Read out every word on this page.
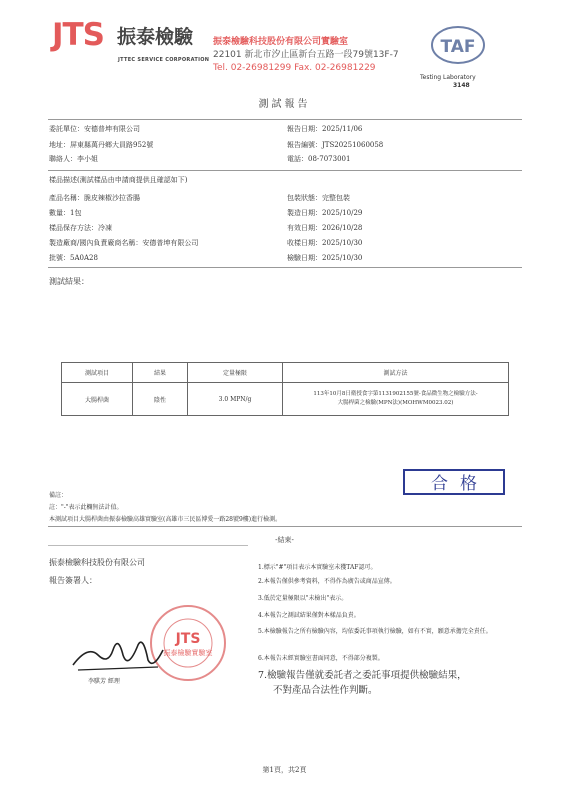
JTS 振泰檢驗
JTTEC SERVICE CORPORATION
振泰檢驗科技股份有限公司實驗室
22101 新北市汐止區新台五路一段79號13F-7
Tel. 02-26981299 Fax. 02-26981229
TAF
Testing Laboratory
3148
測試報告
委託單位：安德普坤有限公司
地址：屏東縣萬丹鄉大員路952號
聯絡人：李小姐
報告日期：2025/11/06
報告編號：JTS20251060058
電話：08-7073001
樣品描述(測試樣品由申請商提供且確認如下)
產品名稱：脆皮辣椒沙拉香腸
數量：1包
樣品保存方法：冷凍
製造廠商/國內負責廠商名稱：安德普坤有限公司
批號：5A0A28
包裝狀態：完整包裝
製造日期：2025/10/29
有效日期：2026/10/28
收樣日期：2025/10/30
檢驗日期：2025/10/30
測試結果：
測試項目	結果	定量極限	測試方法
大腸桿菌	陰性	3.0 MPN/g	113年10月8日衛授食字第1131902155號-食品微生物之檢驗方法-
大腸桿菌之檢驗(MPN法)(MOHWM0023.02)
合格
備註：
註："-"表示此欄無法計值。
本測試項目大腸桿菌由振泰檢驗高雄實驗室(高雄市三民區博愛一路28號9樓)進行檢測。
-結束-
振泰檢驗科技股份有限公司
報告簽署人：
JTS
振泰檢驗實驗室
李騏芳 經理
1.標示"#"項目表示本實驗室未獲TAF認可。
2.本報告僅供參考資料，不得作為廣告或商品宣傳。
3.低於定量極限以"未檢出"表示。
4.本報告之測試結果僅對本樣品負責。
5.本檢驗報告之所有檢驗內容，均依委託事項執行檢驗，如有不實，願意承擔完全責任。
6.本報告未經實驗室書面同意，不得部分複製。
7.檢驗報告僅就委託者之委託事項提供檢驗結果，
不對產品合法性作判斷。
第1頁，共2頁
